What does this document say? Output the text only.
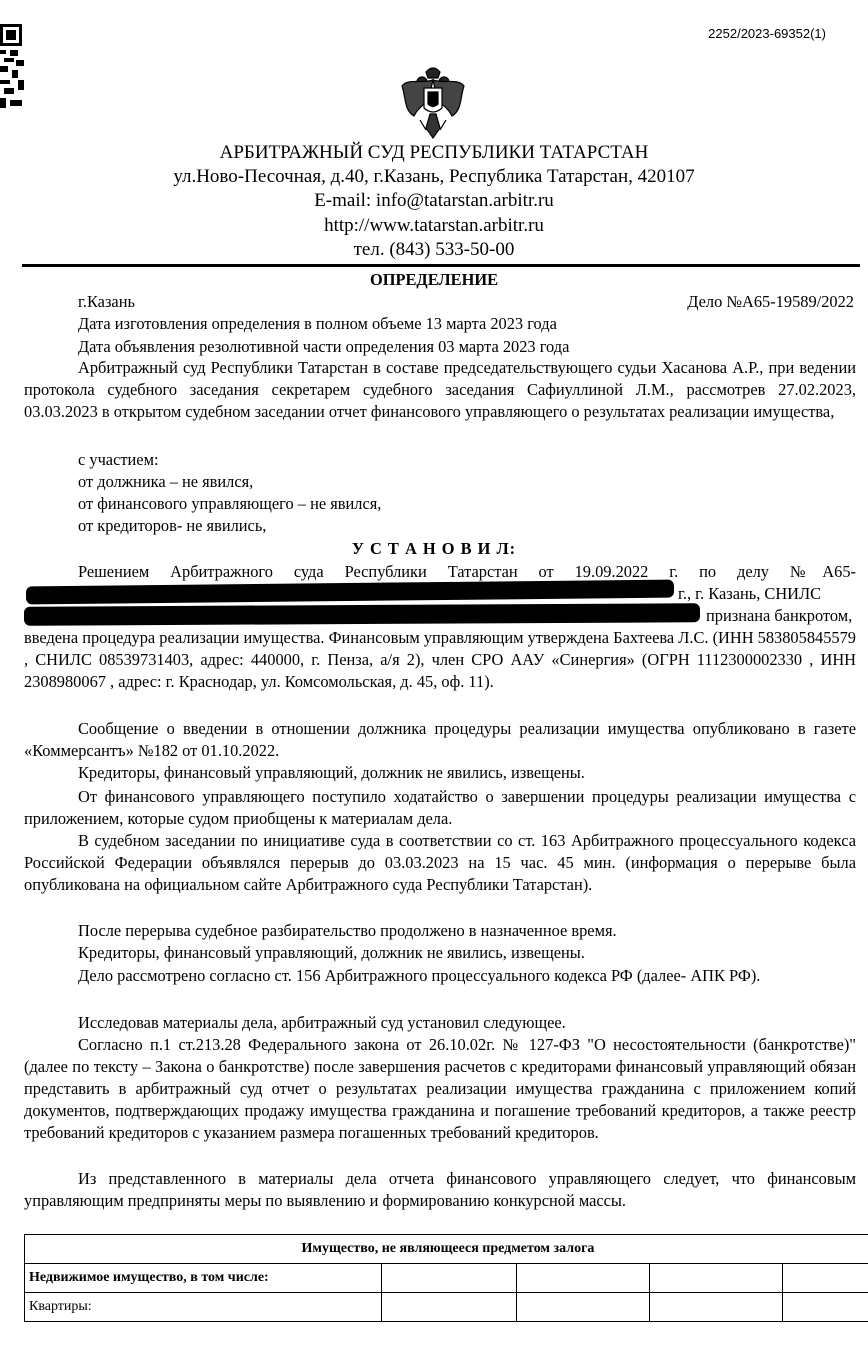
2252/2023-69352(1)
АРБИТРАЖНЫЙ СУД РЕСПУБЛИКИ ТАТАРСТАН
ул.Ново-Песочная, д.40, г.Казань, Республика Татарстан, 420107
E-mail: info@tatarstan.arbitr.ru
http://www.tatarstan.arbitr.ru
тел. (843) 533-50-00
ОПРЕДЕЛЕНИЕ
г.Казань	Дело №А65-19589/2022
Дата изготовления определения в полном объеме 13 марта 2023 года
Дата объявления резолютивной части определения 03 марта 2023 года

Арбитражный суд Республики Татарстан в составе председательствующего судьи Хасанова А.Р., при ведении протокола судебного заседания секретарем судебного заседания Сафиуллиной Л.М., рассмотрев 27.02.2023, 03.03.2023 в открытом судебном заседании отчет финансового управляющего о результатах реализации имущества,

с участием:
от должника – не явился,
от финансового управляющего – не явился,
от кредиторов- не явились,
У С Т А Н О В И Л:
Решением Арбитражного суда Республики Татарстан от 19.09.2022 г. по делу №А65-
г., г. Казань, СНИЛС
признана банкротом,

введена процедура реализации имущества. Финансовым управляющим утверждена Бахтеева Л.С. (ИНН 583805845579 , СНИЛС 08539731403, адрес: 440000, г. Пенза, а/я 2), член СРО ААУ «Синергия» (ОГРН 1112300002330 , ИНН 2308980067 , адрес: г. Краснодар, ул. Комсомольская, д. 45, оф. 11).

Сообщение о введении в отношении должника процедуры реализации имущества опубликовано в газете «Коммерсантъ» №182 от 01.10.2022.

Кредиторы, финансовый управляющий, должник не явились, извещены.

От финансового управляющего поступило ходатайство о завершении процедуры реализации имущества с приложением, которые судом приобщены к материалам дела.

В судебном заседании по инициативе суда в соответствии со ст. 163 Арбитражного процессуального кодекса Российской Федерации объявлялся перерыв до 03.03.2023 на 15 час. 45 мин. (информация о перерыве была опубликована на официальном сайте Арбитражного суда Республики Татарстан).

После перерыва судебное разбирательство продолжено в назначенное время.

Кредиторы, финансовый управляющий, должник не явились, извещены.

Дело рассмотрено согласно ст. 156 Арбитражного процессуального кодекса РФ (далее- АПК РФ).

Исследовав материалы дела, арбитражный суд установил следующее.

Согласно п.1 ст.213.28 Федерального закона от 26.10.02г. № 127-ФЗ "О несостоятельности (банкротстве)" (далее по тексту – Закона о банкротстве) после завершения расчетов с кредиторами финансовый управляющий обязан представить в арбитражный суд отчет о результатах реализации имущества гражданина с приложением копий документов, подтверждающих продажу имущества гражданина и погашение требований кредиторов, а также реестр требований кредиторов с указанием размера погашенных требований кредиторов.

Из представленного в материалы дела отчета финансового управляющего следует, что финансовым управляющим предприняты меры по выявлению и формированию конкурсной массы.

Имущество, не являющееся предметом залога				
Недвижимое имущество, в том числе:				
Квартиры:				
